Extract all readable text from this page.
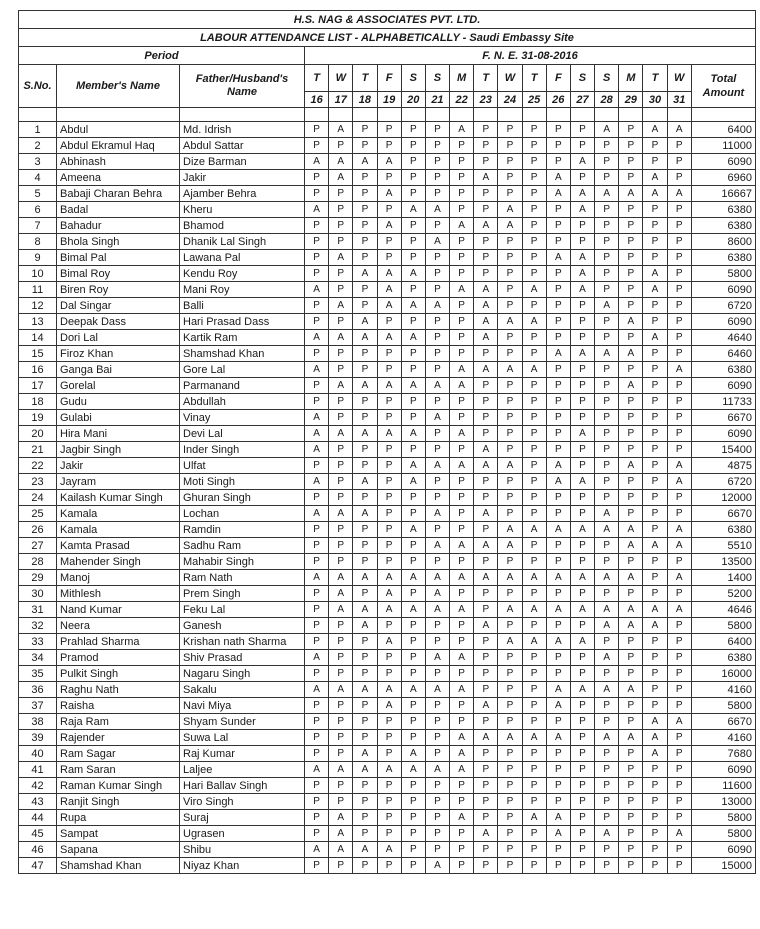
H.S. NAG & ASSOCIATES PVT. LTD.																			
LABOUR ATTENDANCE LIST - ALPHABETICALLY - Saudi Embassy Site																			
Period			F. N. E. 31-08-2016																
S.No.	Member's Name	Father/Husband's Name	T	W	T	F	S	S	M	T	W	T	F	S	S	M	T	W	Total Amount
			16	17	18	19	20	21	22	23	24	25	26	27	28	29	30	31	

1	Abdul	Md. Idrish	P	A	P	P	P	P	A	P	P	P	P	P	A	P	A	A	6400
2	Abdul Ekramul Haq	Abdul Sattar	P	P	P	P	P	P	P	P	P	P	P	P	P	P	P	P	11000
3	Abhinash	Dize Barman	A	A	A	A	P	P	P	P	P	P	P	A	P	P	P	P	6090
4	Ameena	Jakir	P	A	P	P	P	P	P	A	P	P	A	P	P	P	A	P	6960
5	Babaji Charan Behra	Ajamber Behra	P	P	P	A	P	P	P	P	P	P	A	A	A	A	A	A	16667
6	Badal	Kheru	A	P	P	P	A	A	P	P	A	P	P	A	P	P	P	P	6380
7	Bahadur	Bhamod	P	P	P	A	P	P	A	A	A	P	P	P	P	P	P	P	6380
8	Bhola Singh	Dhanik Lal Singh	P	P	P	P	P	A	P	P	P	P	P	P	P	P	P	P	8600
9	Bimal Pal	Lawana Pal	P	A	P	P	P	P	P	P	P	P	A	A	P	P	P	P	6380
10	Bimal Roy	Kendu Roy	P	P	A	A	A	P	P	P	P	P	P	A	P	P	A	P	5800
11	Biren Roy	Mani Roy	A	P	P	A	P	P	A	A	P	A	P	A	P	P	A	P	6090
12	Dal Singar	Balli	P	A	P	A	A	A	P	A	P	P	P	P	A	P	P	P	6720
13	Deepak Dass	Hari Prasad Dass	P	P	A	P	P	P	P	A	A	A	P	P	P	A	P	P	6090
14	Dori Lal	Kartik Ram	A	A	A	A	A	P	P	A	P	P	P	P	P	P	A	P	4640
15	Firoz Khan	Shamshad Khan	P	P	P	P	P	P	P	P	P	P	A	A	A	A	P	P	6460
16	Ganga Bai	Gore Lal	A	P	P	P	P	P	A	A	A	A	P	P	P	P	P	A	6380
17	Gorelal	Parmanand	P	A	A	A	A	A	A	P	P	P	P	P	P	A	P	P	6090
18	Gudu	Abdullah	P	P	P	P	P	P	P	P	P	P	P	P	P	P	P	P	11733
19	Gulabi	Vinay	A	P	P	P	P	A	P	P	P	P	P	P	P	P	P	P	6670
20	Hira Mani	Devi Lal	A	A	A	A	A	P	A	P	P	P	P	A	P	P	P	P	6090
21	Jagbir Singh	Inder Singh	A	P	P	P	P	P	P	A	P	P	P	P	P	P	P	P	15400
22	Jakir	Ulfat	P	P	P	P	A	A	A	A	A	P	A	P	P	A	P	A	4875
23	Jayram	Moti Singh	A	P	A	P	A	P	P	P	P	P	A	A	P	P	P	A	6720
24	Kailash Kumar Singh	Ghuran Singh	P	P	P	P	P	P	P	P	P	P	P	P	P	P	P	P	12000
25	Kamala	Lochan	A	A	A	P	P	A	P	A	P	P	P	P	A	P	P	P	6670
26	Kamala	Ramdin	P	P	P	P	A	P	P	P	A	A	A	A	A	A	P	A	6380
27	Kamta Prasad	Sadhu Ram	P	P	P	P	P	A	A	A	A	P	P	P	P	A	A	A	5510
28	Mahender Singh	Mahabir Singh	P	P	P	P	P	P	P	P	P	P	P	P	P	P	P	P	13500
29	Manoj	Ram Nath	A	A	A	A	A	A	A	A	A	A	A	A	A	A	P	A	1400
30	Mithlesh	Prem Singh	P	A	P	A	P	A	P	P	P	P	P	P	P	P	P	P	5200
31	Nand Kumar	Feku Lal	P	A	A	A	A	A	A	P	A	A	A	A	A	A	A	A	4646
32	Neera	Ganesh	P	P	A	P	P	P	P	A	P	P	P	P	A	A	A	P	5800
33	Prahlad Sharma	Krishan nath Sharma	P	P	P	A	P	P	P	P	A	A	A	A	P	P	P	P	6400
34	Pramod	Shiv Prasad	A	P	P	P	P	A	A	P	P	P	P	P	A	P	P	P	6380
35	Pulkit Singh	Nagaru Singh	P	P	P	P	P	P	P	P	P	P	P	P	P	P	P	P	16000
36	Raghu Nath	Sakalu	A	A	A	A	A	A	A	P	P	P	A	A	A	A	P	P	4160
37	Raisha	Navi Miya	P	P	P	A	P	P	P	A	P	P	A	P	P	P	P	P	5800
38	Raja Ram	Shyam Sunder	P	P	P	P	P	P	P	P	P	P	P	P	P	P	A	A	6670
39	Rajender	Suwa Lal	P	P	P	P	P	P	A	A	A	A	A	P	A	A	A	P	4160
40	Ram Sagar	Raj Kumar	P	P	A	P	A	P	A	P	P	P	P	P	P	P	A	P	7680
41	Ram Saran	Laljee	A	A	A	A	A	A	A	P	P	P	P	P	P	P	P	P	6090
42	Raman Kumar Singh	Hari Ballav Singh	P	P	P	P	P	P	P	P	P	P	P	P	P	P	P	P	11600
43	Ranjit Singh	Viro Singh	P	P	P	P	P	P	P	P	P	P	P	P	P	P	P	P	13000
44	Rupa	Suraj	P	A	P	P	P	P	A	P	P	A	A	P	P	P	P	P	5800
45	Sampat	Ugrasen	P	A	P	P	P	P	P	A	P	P	A	P	A	P	P	A	5800
46	Sapana	Shibu	A	A	A	A	P	P	P	P	P	P	P	P	P	P	P	P	6090
47	Shamshad Khan	Niyaz Khan	P	P	P	P	P	A	P	P	P	P	P	P	P	P	P	P	15000
